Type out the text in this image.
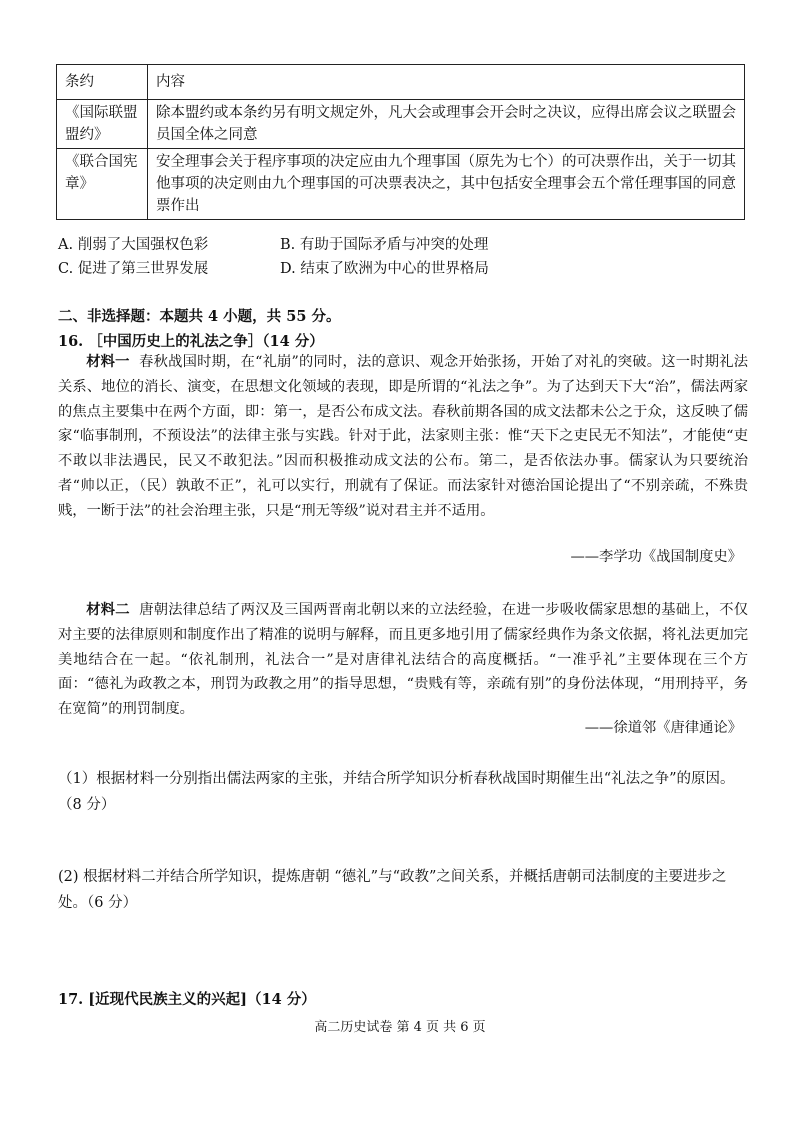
条约	内容
《国际联盟盟约》	除本盟约或本条约另有明文规定外，凡大会或理事会开会时之决议，应得出席会议之联盟会员国全体之同意
《联合国宪章》	安全理事会关于程序事项的决定应由九个理事国（原先为七个）的可决票作出，关于一切其他事项的决定则由九个理事国的可决票表决之，其中包括安全理事会五个常任理事国的同意票作出
A. 削弱了大国强权色彩	B. 有助于国际矛盾与冲突的处理
C. 促进了第三世界发展	D. 结束了欧洲为中心的世界格局
二、非选择题：本题共 4 小题，共 55 分。
16. ［中国历史上的礼法之争］（14 分）
材料一 春秋战国时期，在“礼崩”的同时，法的意识、观念开始张扬，开始了对礼的突破。这一时期礼法关系、地位的消长、演变，在思想文化领域的表现，即是所谓的“礼法之争”。为了达到天下大“治”，儒法两家的焦点主要集中在两个方面，即：第一，是否公布成文法。春秋前期各国的成文法都未公之于众，这反映了儒家“临事制刑，不预设法”的法律主张与实践。针对于此，法家则主张：惟“天下之吏民无不知法”，才能使“吏不敢以非法遇民，民又不敢犯法。”因而积极推动成文法的公布。第二，是否依法办事。儒家认为只要统治者“帅以正，（民）孰敢不正”，礼可以实行，刑就有了保证。而法家针对德治国论提出了“不别亲疏，不殊贵贱，一断于法”的社会治理主张，只是“刑无等级”说对君主并不适用。
——李学功《战国制度史》
材料二 唐朝法律总结了两汉及三国两晋南北朝以来的立法经验，在进一步吸收儒家思想的基础上，不仅对主要的法律原则和制度作出了精准的说明与解释，而且更多地引用了儒家经典作为条文依据，将礼法更加完美地结合在一起。“依礼制刑，礼法合一”是对唐律礼法结合的高度概括。“一准乎礼”主要体现在三个方面：“德礼为政教之本，刑罚为政教之用”的指导思想，“贵贱有等，亲疏有别”的身份法体现，“用刑持平，务在宽简”的刑罚制度。
——徐道邻《唐律通论》
（1）根据材料一分别指出儒法两家的主张，并结合所学知识分析春秋战国时期催生出“礼法之争”的原因。（8 分）
(2) 根据材料二并结合所学知识，提炼唐朝 “德礼”与“政教”之间关系，并概括唐朝司法制度的主要进步之处。（6 分）
17. [近现代民族主义的兴起]（14 分）
高二历史试卷 第 4 页 共 6 页
